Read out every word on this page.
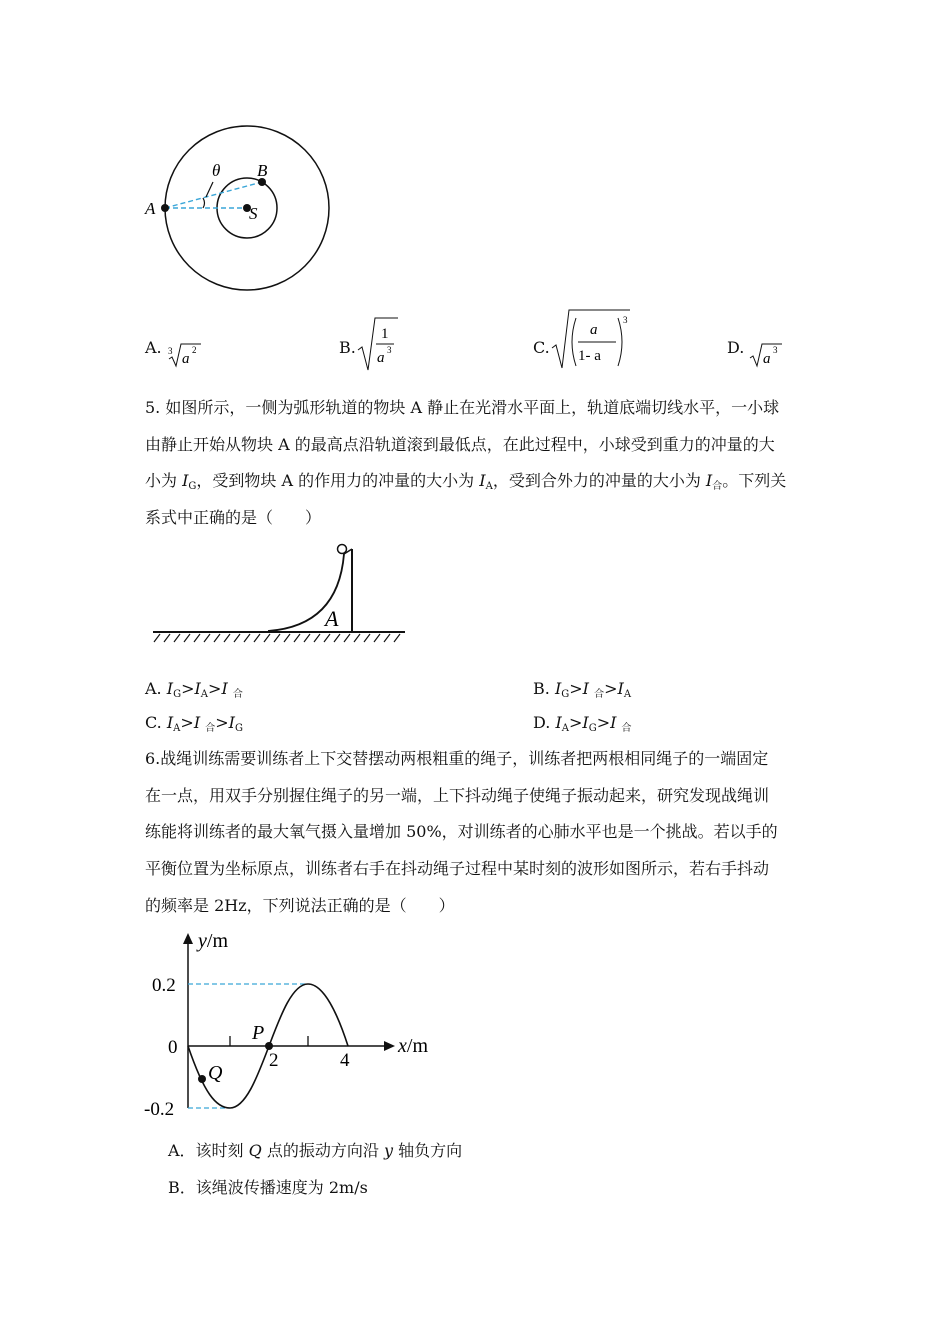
θ B
A	S
A. 3 a
2	B.
1
a 3	C.
a
1- a
3
D.
a
3
5. 如图所示，一侧为弧形轨道的物块 A 静止在光滑水平面上，轨道底端切线水平，一小球
由静止开始从物块 A 的最高点沿轨道滚到最低点，在此过程中，小球受到重力的冲量的大
小为 $I_G$，受到物块 A 的作用力的冲量的大小为 $I_A$，受到合外力的冲量的大小为 $I_合$。下列关
系式中正确的是（　　）
A
A. $I_G>I_A>I$ $_合$	B. $I_G>I$ $_合>I_A$
C. $I_A>I$ $_合>I_G$	D. $I_A>I_G>I$ $_合$
6.战绳训练需要训练者上下交替摆动两根粗重的绳子，训练者把两根相同绳子的一端固定
在一点，用双手分别握住绳子的另一端，上下抖动绳子使绳子振动起来，研究发现战绳训
练能将训练者的最大氧气摄入量增加 50%，对训练者的心肺水平也是一个挑战。若以手的
平衡位置为坐标原点，训练者右手在抖动绳子过程中某时刻的波形如图所示，若右手抖动
的频率是 2Hz，下列说法正确的是（　　）
y/m
x/m
0.2
0
-0.2
2	4
P
Q
A．该时刻 Q 点的振动方向沿 y 轴负方向
B．该绳波传播速度为 2m/s
